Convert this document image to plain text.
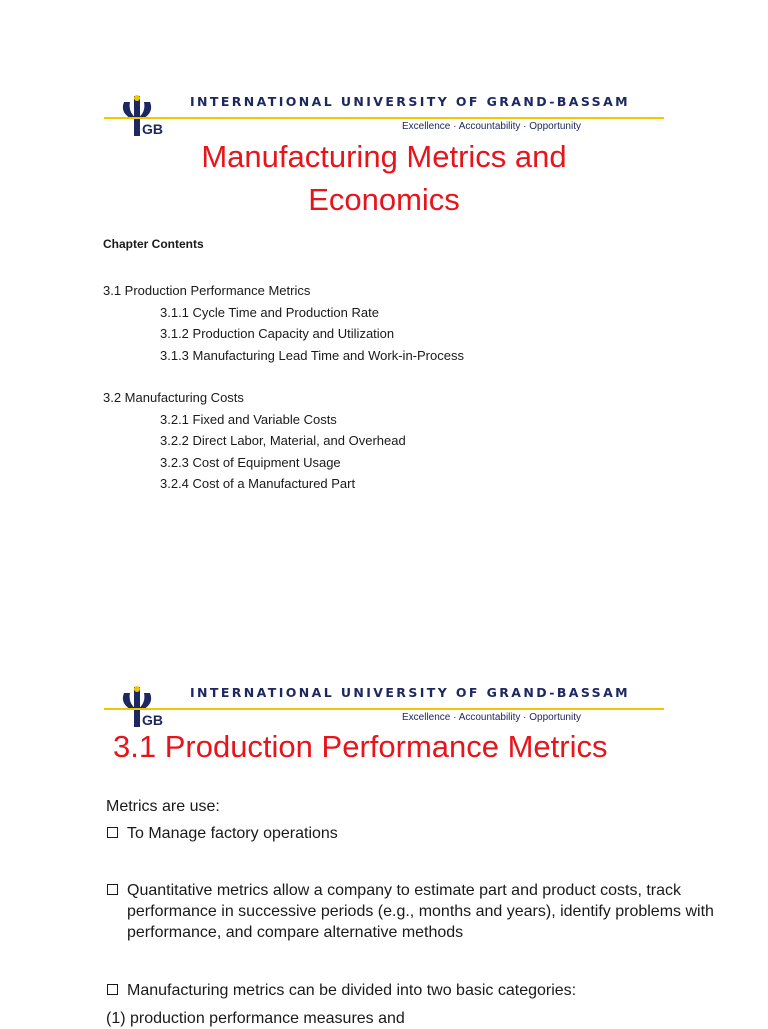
GB
INTERNATIONAL UNIVERSITY OF GRAND-BASSAM
Excellence · Accountability · Opportunity
Manufacturing Metrics and
Economics
Chapter Contents
3.1 Production Performance Metrics
3.1.1 Cycle Time and Production Rate
3.1.2 Production Capacity and Utilization
3.1.3 Manufacturing Lead Time and Work-in-Process
3.2 Manufacturing Costs
3.2.1 Fixed and Variable Costs
3.2.2 Direct Labor, Material, and Overhead
3.2.3 Cost of Equipment Usage
3.2.4 Cost of a Manufactured Part
GB
INTERNATIONAL UNIVERSITY OF GRAND-BASSAM
Excellence · Accountability · Opportunity
3.1 Production Performance Metrics
Metrics are use:
To Manage factory operations
Quantitative metrics allow a company to estimate part and product costs, track performance in successive periods (e.g., months and years), identify problems with performance, and compare alternative methods
Manufacturing metrics can be divided into two basic categories:
(1) production performance measures and
